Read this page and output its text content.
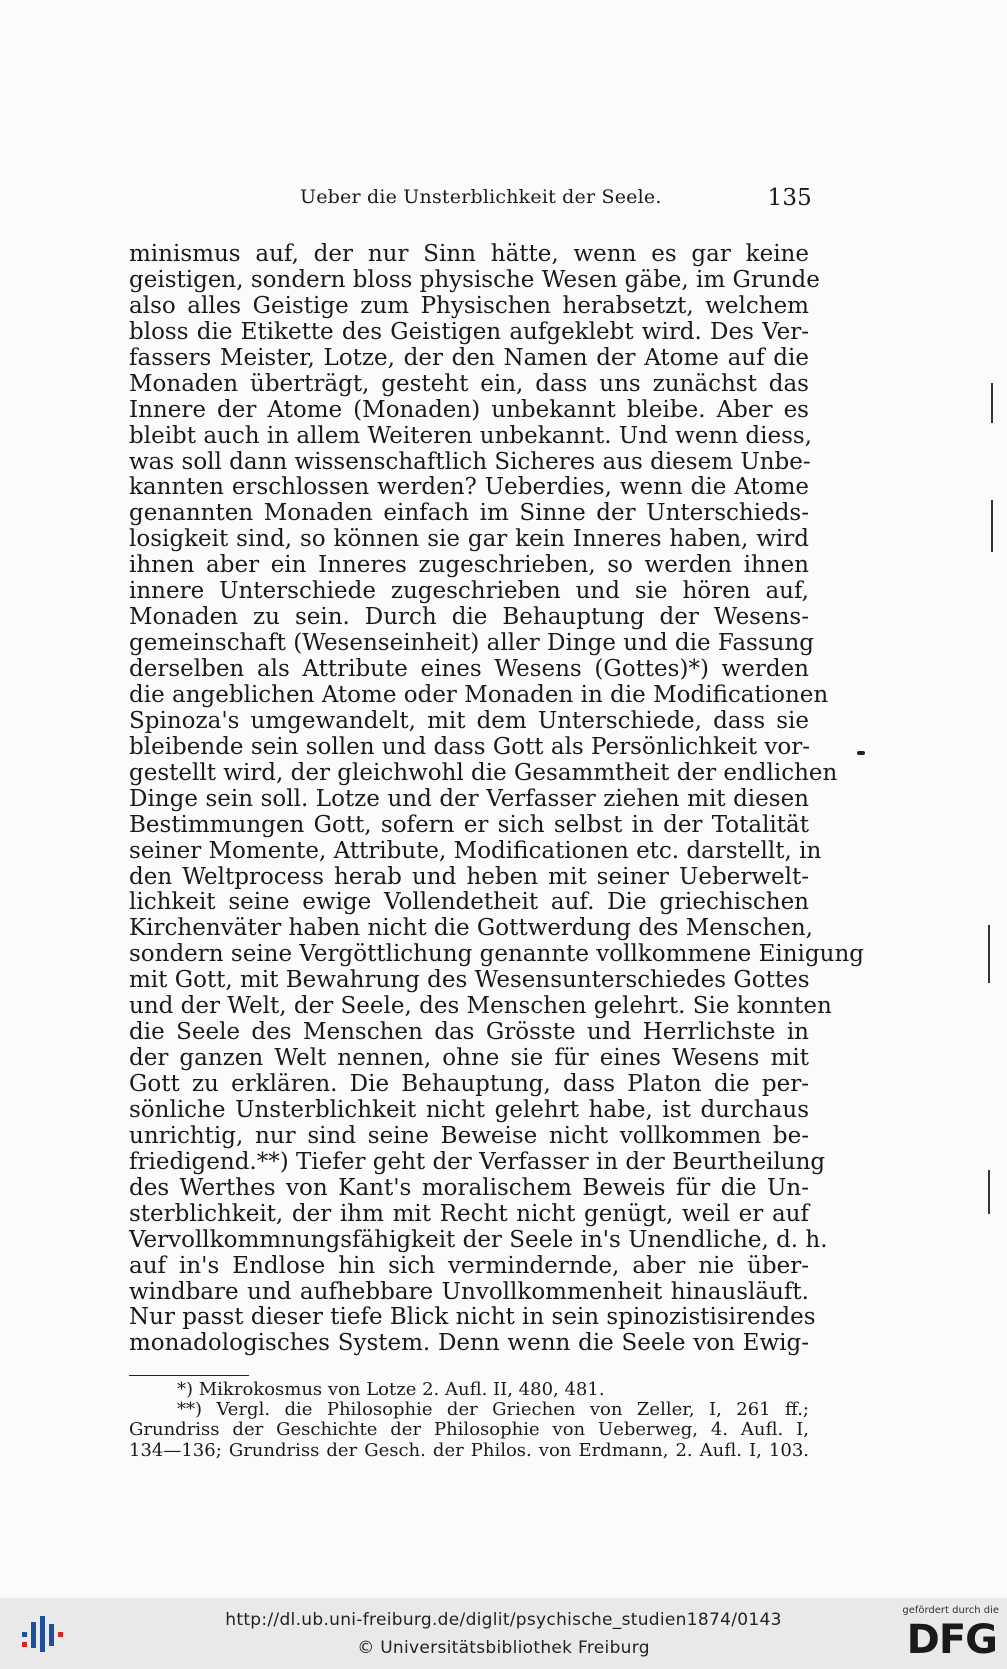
Ueber die Unsterblichkeit der Seele.	135
minismus auf, der nur Sinn hätte, wenn es gar keine
geistigen, sondern bloss physische Wesen gäbe, im Grunde
also alles Geistige zum Physischen herabsetzt, welchem
bloss die Etikette des Geistigen aufgeklebt wird. Des Ver-
fassers Meister, Lotze, der den Namen der Atome auf die
Monaden überträgt, gesteht ein, dass uns zunächst das
Innere der Atome (Monaden) unbekannt bleibe. Aber es
bleibt auch in allem Weiteren unbekannt. Und wenn diess,
was soll dann wissenschaftlich Sicheres aus diesem Unbe-
kannten erschlossen werden? Ueberdies, wenn die Atome
genannten Monaden einfach im Sinne der Unterschieds-
losigkeit sind, so können sie gar kein Inneres haben, wird
ihnen aber ein Inneres zugeschrieben, so werden ihnen
innere Unterschiede zugeschrieben und sie hören auf,
Monaden zu sein. Durch die Behauptung der Wesens-
gemeinschaft (Wesenseinheit) aller Dinge und die Fassung
derselben als Attribute eines Wesens (Gottes)*) werden
die angeblichen Atome oder Monaden in die Modificationen
Spinoza's umgewandelt, mit dem Unterschiede, dass sie
bleibende sein sollen und dass Gott als Persönlichkeit vor-
gestellt wird, der gleichwohl die Gesammtheit der endlichen
Dinge sein soll. Lotze und der Verfasser ziehen mit diesen
Bestimmungen Gott, sofern er sich selbst in der Totalität
seiner Momente, Attribute, Modificationen etc. darstellt, in
den Weltprocess herab und heben mit seiner Ueberwelt-
lichkeit seine ewige Vollendetheit auf. Die griechischen
Kirchenväter haben nicht die Gottwerdung des Menschen,
sondern seine Vergöttlichung genannte vollkommene Einigung
mit Gott, mit Bewahrung des Wesensunterschiedes Gottes
und der Welt, der Seele, des Menschen gelehrt. Sie konnten
die Seele des Menschen das Grösste und Herrlichste in
der ganzen Welt nennen, ohne sie für eines Wesens mit
Gott zu erklären. Die Behauptung, dass Platon die per-
sönliche Unsterblichkeit nicht gelehrt habe, ist durchaus
unrichtig, nur sind seine Beweise nicht vollkommen be-
friedigend.**) Tiefer geht der Verfasser in der Beurtheilung
des Werthes von Kant's moralischem Beweis für die Un-
sterblichkeit, der ihm mit Recht nicht genügt, weil er auf
Vervollkommnungsfähigkeit der Seele in's Unendliche, d. h.
auf in's Endlose hin sich vermindernde, aber nie über-
windbare und aufhebbare Unvollkommenheit hinausläuft.
Nur passt dieser tiefe Blick nicht in sein spinozistisirendes
monadologisches System. Denn wenn die Seele von Ewig-
*) Mikrokosmus von Lotze 2. Aufl. II, 480, 481.
**) Vergl. die Philosophie der Griechen von Zeller, I, 261 ff.;
Grundriss der Geschichte der Philosophie von Ueberweg, 4. Aufl. I,
134—136; Grundriss der Gesch. der Philos. von Erdmann, 2. Aufl. I, 103.
http://dl.ub.uni-freiburg.de/diglit/psychische_studien1874/0143
© Universitätsbibliothek Freiburg
gefördert durch die
DFG
